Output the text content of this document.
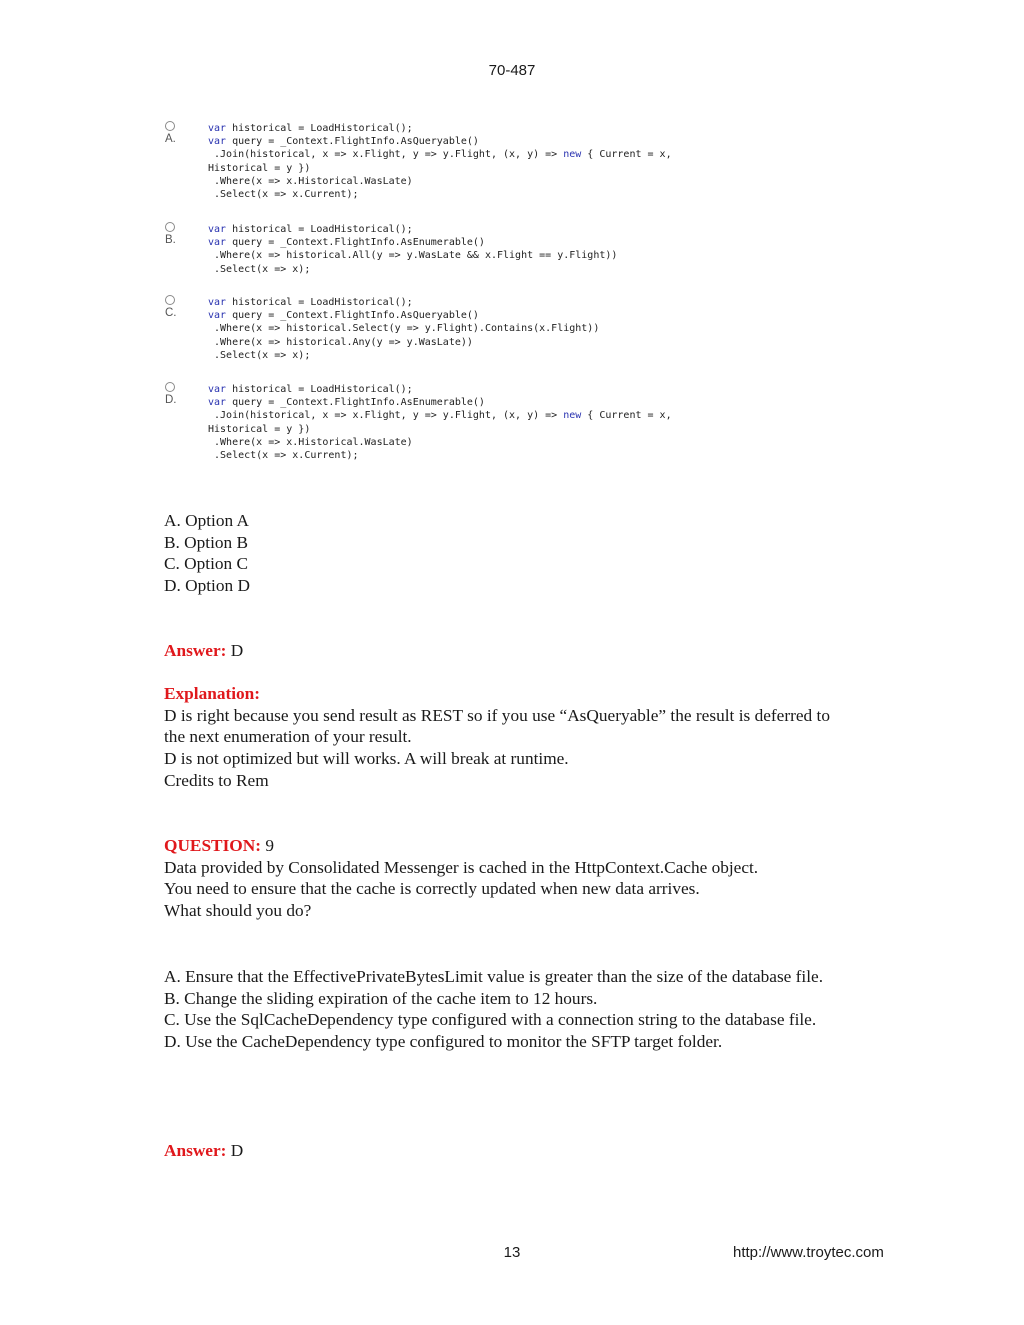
70-487
A.
var historical = LoadHistorical();
var query = _Context.FlightInfo.AsQueryable()
.Join(historical, x => x.Flight, y => y.Flight, (x, y) => new { Current = x,
Historical = y })
.Where(x => x.Historical.WasLate)
.Select(x => x.Current);
B.
var historical = LoadHistorical();
var query = _Context.FlightInfo.AsEnumerable()
.Where(x => historical.All(y => y.WasLate && x.Flight == y.Flight))
.Select(x => x);
C.
var historical = LoadHistorical();
var query = _Context.FlightInfo.AsQueryable()
.Where(x => historical.Select(y => y.Flight).Contains(x.Flight))
.Where(x => historical.Any(y => y.WasLate))
.Select(x => x);
D.
var historical = LoadHistorical();
var query = _Context.FlightInfo.AsEnumerable()
.Join(historical, x => x.Flight, y => y.Flight, (x, y) => new { Current = x,
Historical = y })
.Where(x => x.Historical.WasLate)
.Select(x => x.Current);

A. Option A

B. Option B

C. Option C

D. Option D

Answer: D

Explanation:

D is right because you send result as REST so if you use “AsQueryable” the result is deferred to the next enumeration of your result.

D is not optimized but will works. A will break at runtime.

Credits to Rem

QUESTION: 9

Data provided by Consolidated Messenger is cached in the HttpContext.Cache object.

You need to ensure that the cache is correctly updated when new data arrives.

What should you do?

A. Ensure that the EffectivePrivateBytesLimit value is greater than the size of the database file.

B. Change the sliding expiration of the cache item to 12 hours.

C. Use the SqlCacheDependency type configured with a connection string to the database file.

D. Use the CacheDependency type configured to monitor the SFTP target folder.

Answer: D

13	http://www.troytec.com
